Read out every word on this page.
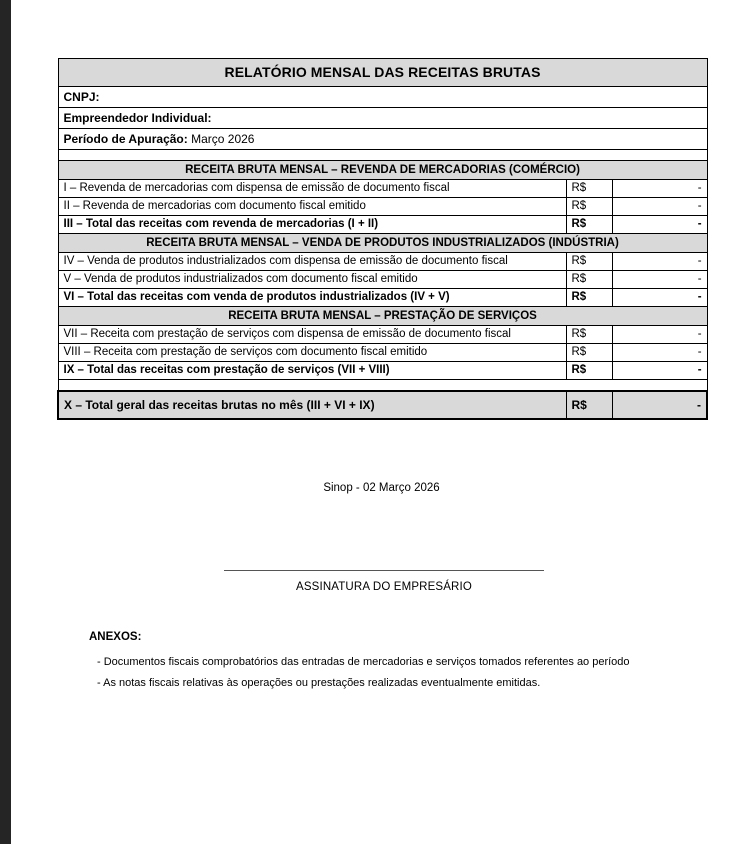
RELATÓRIO MENSAL DAS RECEITAS BRUTAS		
CNPJ:		
Empreendedor Individual:		
Período de Apuração: Março 2026		

RECEITA BRUTA MENSAL – REVENDA DE MERCADORIAS (COMÉRCIO)		
I – Revenda de mercadorias com dispensa de emissão de documento fiscal	R$	-
II – Revenda de mercadorias com documento fiscal emitido	R$	-
III – Total das receitas com revenda de mercadorias (I + II)	R$	-
RECEITA BRUTA MENSAL – VENDA DE PRODUTOS INDUSTRIALIZADOS (INDÚSTRIA)		
IV – Venda de produtos industrializados com dispensa de emissão de documento fiscal	R$	-
V – Venda de produtos industrializados com documento fiscal emitido	R$	-
VI – Total das receitas com venda de produtos industrializados (IV + V)	R$	-
RECEITA BRUTA MENSAL – PRESTAÇÃO DE SERVIÇOS		
VII – Receita com prestação de serviços com dispensa de emissão de documento fiscal	R$	-
VIII – Receita com prestação de serviços com documento fiscal emitido	R$	-
IX – Total das receitas com prestação de serviços (VII + VIII)	R$	-

X – Total geral das receitas brutas no mês (III + VI + IX)	R$	-
Sinop - 02 Março 2026
ASSINATURA DO EMPRESÁRIO
ANEXOS:
- Documentos fiscais comprobatórios das entradas de mercadorias e serviços tomados referentes ao período
- As notas fiscais relativas às operações ou prestações realizadas eventualmente emitidas.
